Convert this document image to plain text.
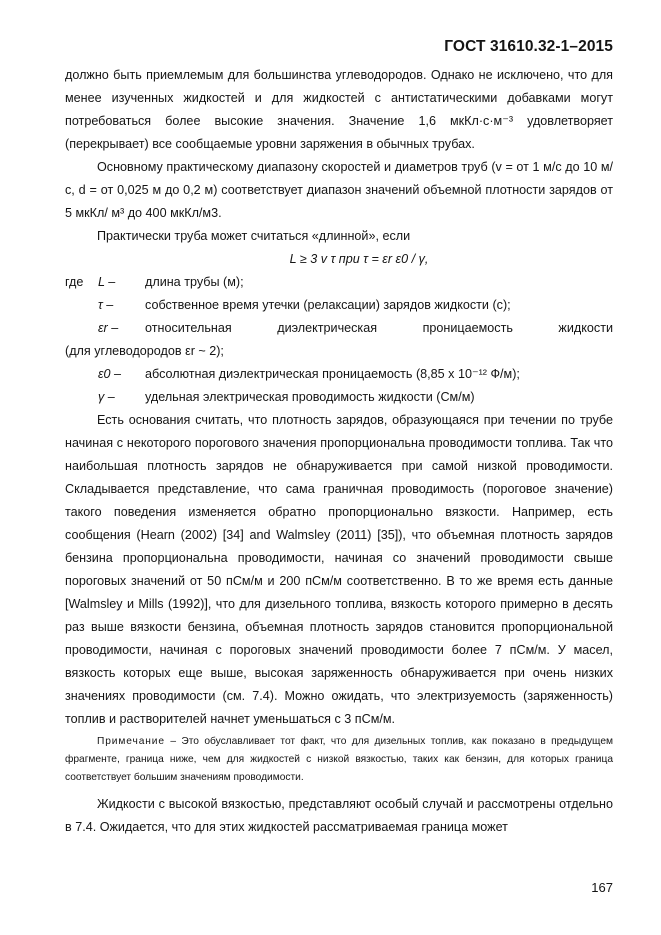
ГОСТ 31610.32-1–2015

должно быть приемлемым для большинства углеводородов. Однако не исключено, что для менее изученных жидкостей и для жидкостей с антистатическими добавками могут потребоваться более высокие значения. Значение 1,6 мкКл·с·м⁻³ удовлетворяет (перекрывает) все сообщаемые уровни заряжения в обычных трубах.

Основному практическому диапазону скоростей и диаметров труб (v = от 1 м/с до 10 м/с, d = от 0,025 м до 0,2 м) соответствует диапазон значений объемной плотности зарядов от 5 мкКл/ м³ до 400 мкКл/м3.

Практически труба может считаться «длинной», если

L ≥ 3 v τ при τ = εr ε0 / γ,

где	L –	длина трубы (м);
τ –	собственное время утечки (релаксации) зарядов жидкости (с);
εr –	относительная диэлектрическая проницаемость жидкости

(для углеводородов εr ~ 2);

ε0 –	абсолютная диэлектрическая проницаемость (8,85 х 10⁻¹² Ф/м);
γ –	удельная электрическая проводимость жидкости (См/м)

Есть основания считать, что плотность зарядов, образующаяся при течении по трубе начиная с некоторого порогового значения пропорциональна проводимости топлива. Так что наибольшая плотность зарядов не обнаруживается при самой низкой проводимости. Складывается представление, что сама граничная проводимость (пороговое значение) такого поведения изменяется обратно пропорционально вязкости. Например, есть сообщения (Hearn (2002) [34] and Walmsley (2011) [35]), что объемная плотность зарядов бензина пропорциональна проводимости, начиная со значений проводимости свыше пороговых значений от 50 пСм/м и 200 пСм/м соответственно. В то же время есть данные [Walmsley и Mills (1992)], что для дизельного топлива, вязкость которого примерно в десять раз выше вязкости бензина, объемная плотность зарядов становится пропорциональной проводимости, начиная с пороговых значений проводимости более 7 пСм/м. У масел, вязкость которых еще выше, высокая заряженность обнаруживается при очень низких значениях проводимости (см. 7.4). Можно ожидать, что электризуемость (заряженность) топлив и растворителей начнет уменьшаться с 3 пСм/м.

Примечание – Это обуславливает тот факт, что для дизельных топлив, как показано в предыдущем фрагменте, граница ниже, чем для жидкостей с низкой вязкостью, таких как бензин, для которых граница соответствует большим значениям проводимости.

Жидкости с высокой вязкостью, представляют особый случай и рассмотрены отдельно в 7.4. Ожидается, что для этих жидкостей рассматриваемая граница может

167
